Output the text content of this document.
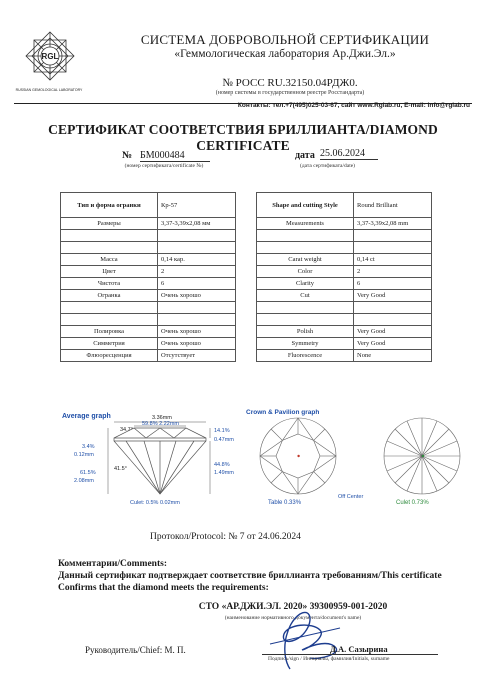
RGL
RUSSIAN GEMOLOGICAL LABORATORY
СИСТЕМА ДОБРОВОЛЬНОЙ СЕРТИФИКАЦИИ
«Геммологическая лаборатория Ар.Джи.Эл.»
№ РОСС RU.32150.04РДЖ0.
(номер системы в государственном реестре Росстандарта)
Контакты: тел.+7(495)025-03-67, сайт www.Rglab.ru, E-mail: info@rglab.ru
СЕРТИФИКАТ СООТВЕТСТВИЯ БРИЛЛИАНТА/DIAMOND CERTIFICATE
№ БМ000484
(номер сертификата/certificate №)
дата 25.06.2024
(дата сертификата/date)
Тип и форма огранки	Кр-57
Размеры	3,37-3,39х2,08 мм

Масса	0,14 кар.
Цвет	2
Чистота	6
Огранка	Очень хорошо

Полировка	Очень хорошо
Симметрия	Очень хорошо
Флюоресценция	Отсутствует
Shape and cutting Style	Round Brilliant
Measurements	3,37-3,39x2,08 mm

Carat weight	0,14 ct
Color	2
Clarity	6
Cut	Very Good

Polish	Very Good
Symmetry	Very Good
Fluorescence	None
Average graph	3.36mm
34.7°
59.8% 2.22mm
14.1%
0.47mm
3.4%
0.12mm
61.5%
2.08mm
41.5°
44.8%
1.49mm
Culet: 0.5% 0.02mm
Crown & Pavilion graph
Table 0.33%
Off Center
Culet 0.73%
Протокол/Protocol: № 7 от 24.06.2024
Комментарии/Comments:
Данный сертификат подтверждает соответствие бриллианта требованиям/This certificate
Confirms that the diamond meets the requirements:
СТО «АР.ДЖИ.ЭЛ. 2020» 39300959-001-2020
(наименование нормативного документа/document's name)
Руководитель/Chief: М. П.	Д.А. Сазырина
Подпись/sign / Инициалы, фамилия/Initials, surname
